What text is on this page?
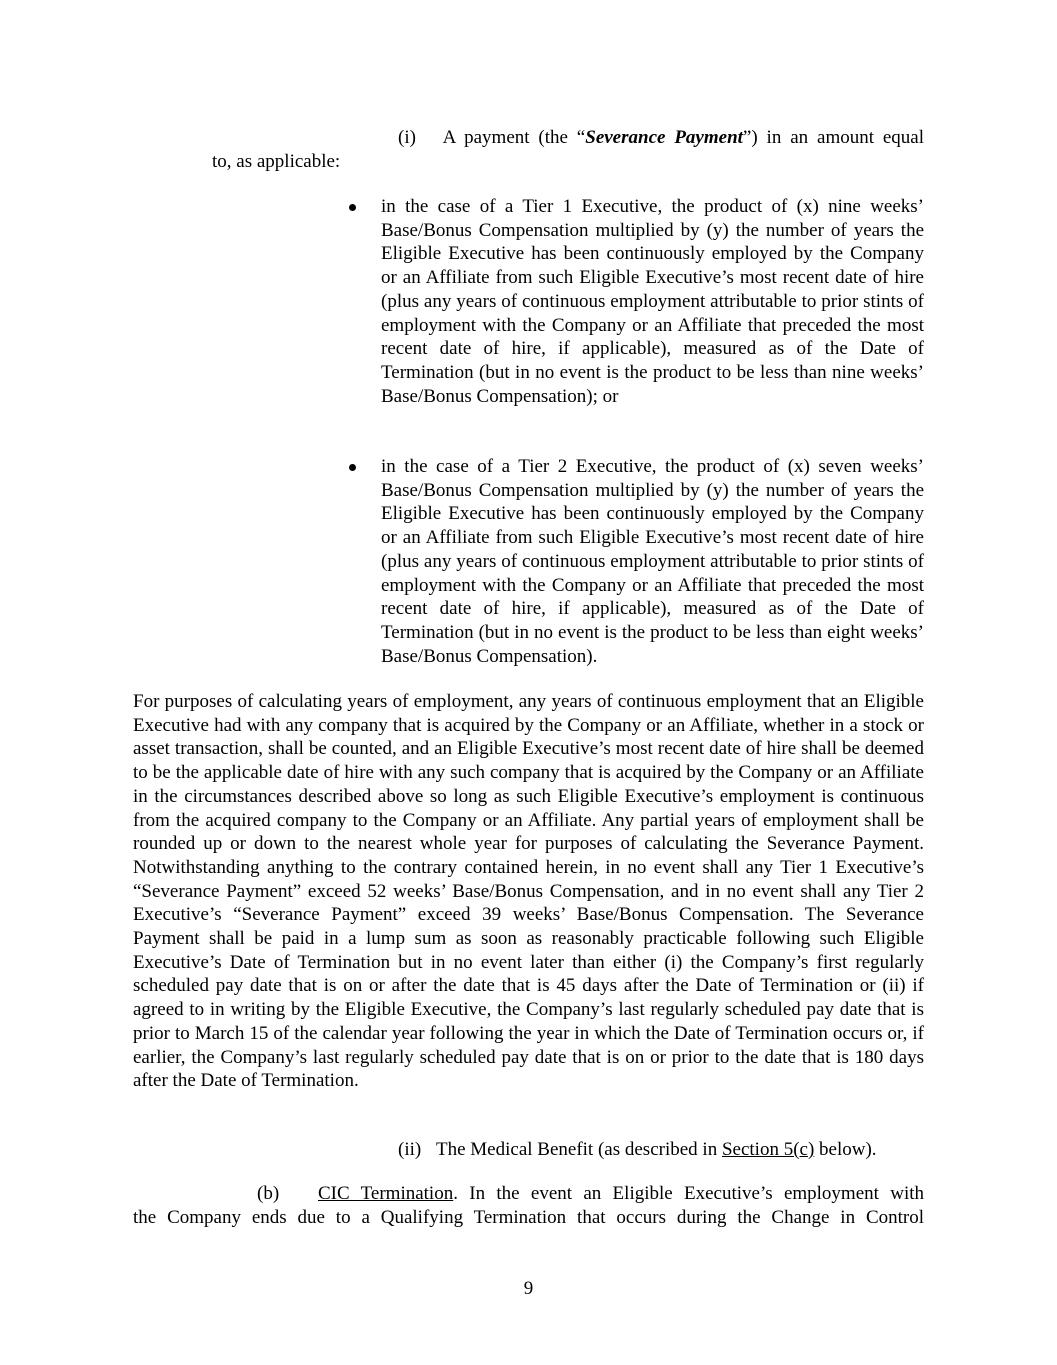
(i) A payment (the “Severance Payment”) in an amount equal
to, as applicable:
in the case of a Tier 1 Executive, the product of (x) nine weeks’ Base/Bonus Compensation multiplied by (y) the number of years the Eligible Executive has been continuously employed by the Company or an Affiliate from such Eligible Executive’s most recent date of hire (plus any years of continuous employment attributable to prior stints of employment with the Company or an Affiliate that preceded the most recent date of hire, if applicable), measured as of the Date of Termination (but in no event is the product to be less than nine weeks’ Base/Bonus Compensation); or
in the case of a Tier 2 Executive, the product of (x) seven weeks’ Base/Bonus Compensation multiplied by (y) the number of years the Eligible Executive has been continuously employed by the Company or an Affiliate from such Eligible Executive’s most recent date of hire (plus any years of continuous employment attributable to prior stints of employment with the Company or an Affiliate that preceded the most recent date of hire, if applicable), measured as of the Date of Termination (but in no event is the product to be less than eight weeks’ Base/Bonus Compensation).
For purposes of calculating years of employment, any years of continuous employment that an Eligible Executive had with any company that is acquired by the Company or an Affiliate, whether in a stock or asset transaction, shall be counted, and an Eligible Executive’s most recent date of hire shall be deemed to be the applicable date of hire with any such company that is acquired by the Company or an Affiliate in the circumstances described above so long as such Eligible Executive’s employment is continuous from the acquired company to the Company or an Affiliate. Any partial years of employment shall be rounded up or down to the nearest whole year for purposes of calculating the Severance Payment. Notwithstanding anything to the contrary contained herein, in no event shall any Tier 1 Executive’s “Severance Payment” exceed 52 weeks’ Base/Bonus Compensation, and in no event shall any Tier 2 Executive’s “Severance Payment” exceed 39 weeks’ Base/Bonus Compensation. The Severance Payment shall be paid in a lump sum as soon as reasonably practicable following such Eligible Executive’s Date of Termination but in no event later than either (i) the Company’s first regularly scheduled pay date that is on or after the date that is 45 days after the Date of Termination or (ii) if agreed to in writing by the Eligible Executive, the Company’s last regularly scheduled pay date that is prior to March 15 of the calendar year following the year in which the Date of Termination occurs or, if earlier, the Company’s last regularly scheduled pay date that is on or prior to the date that is 180 days after the Date of Termination.
(ii) The Medical Benefit (as described in Section 5(c) below).
(b) CIC Termination. In the event an Eligible Executive’s employment with
the Company ends due to a Qualifying Termination that occurs during the Change in Control
9
